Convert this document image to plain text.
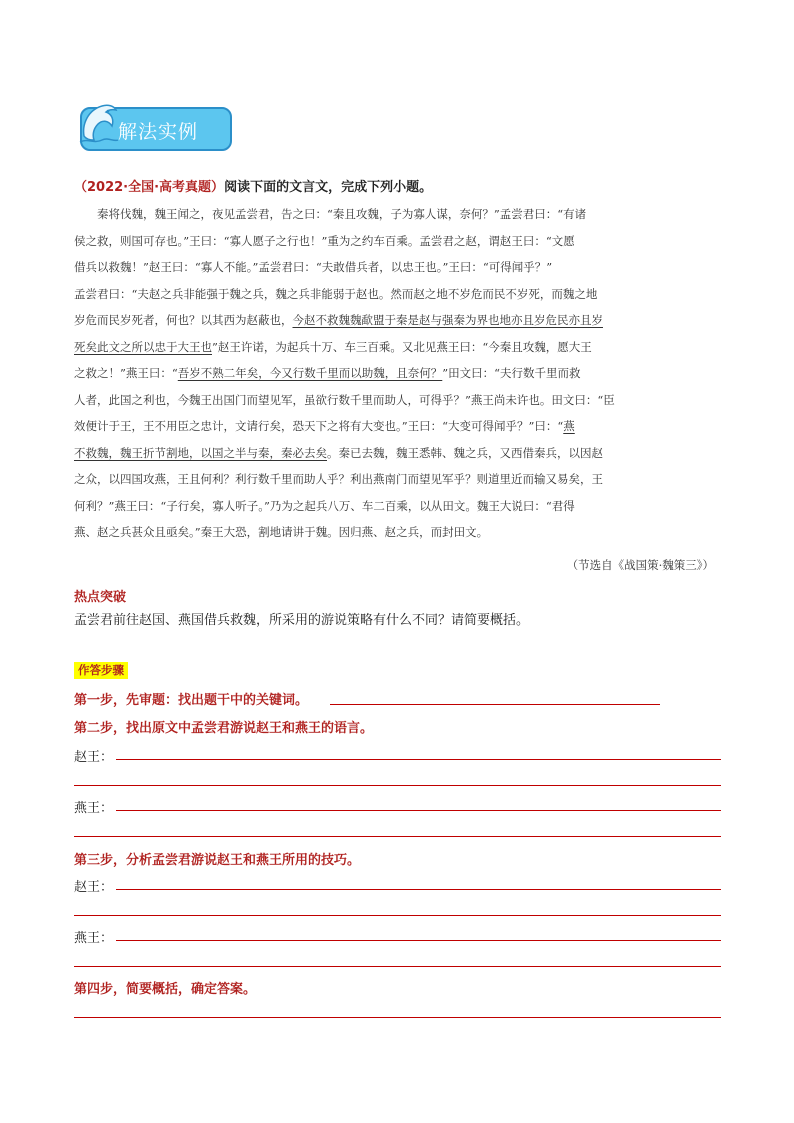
解法实例
（2022·全国·高考真题）阅读下面的文言文，完成下列小题。
　　秦将伐魏，魏王闻之，夜见孟尝君，告之曰：“秦且攻魏，子为寡人谋，奈何？”孟尝君曰：“有诸
侯之救，则国可存也。”王曰：“寡人愿子之行也！”重为之约车百乘。孟尝君之赵，谓赵王曰：“文愿
借兵以救魏！”赵王曰：“寡人不能。”孟尝君曰：“夫敢借兵者，以忠王也。”王曰：“可得闻乎？”
孟尝君曰：“夫赵之兵非能强于魏之兵，魏之兵非能弱于赵也。然而赵之地不岁危而民不岁死，而魏之地
岁危而民岁死者，何也？以其西为赵蔽也，今赵不救魏魏歃盟于秦是赵与强秦为界也地亦且岁危民亦且岁
死矣此文之所以忠于大王也”赵王许诺，为起兵十万、车三百乘。又北见燕王曰：“今秦且攻魏，愿大王
之救之！”燕王曰：“吾岁不熟二年矣，今又行数千里而以助魏，且奈何？”田文曰：“夫行数千里而救
人者，此国之利也，今魏王出国门而望见军，虽欲行数千里而助人，可得乎？”燕王尚未许也。田文曰：“臣
效便计于王，王不用臣之忠计，文请行矣，恐天下之将有大变也。”王曰：“大变可得闻乎？”曰：“燕
不救魏，魏王折节割地，以国之半与秦，秦必去矣。秦已去魏，魏王悉韩、魏之兵，又西借秦兵，以因赵
之众，以四国攻燕，王且何利？利行数千里而助人乎？利出燕南门而望见军乎？则道里近而输又易矣，王
何利？”燕王曰：“子行矣，寡人听子。”乃为之起兵八万、车二百乘，以从田文。魏王大说曰：“君得
燕、赵之兵甚众且亟矣。”秦王大恐，割地请讲于魏。因归燕、赵之兵，而封田文。
（节选自《战国策·魏策三》）
热点突破
孟尝君前往赵国、燕国借兵救魏，所采用的游说策略有什么不同？请简要概括。
作答步骤
第一步，先审题：找出题干中的关键词。
第二步，找出原文中孟尝君游说赵王和燕王的语言。
赵王：
燕王：
第三步，分析孟尝君游说赵王和燕王所用的技巧。
赵王：
燕王：
第四步，简要概括，确定答案。
